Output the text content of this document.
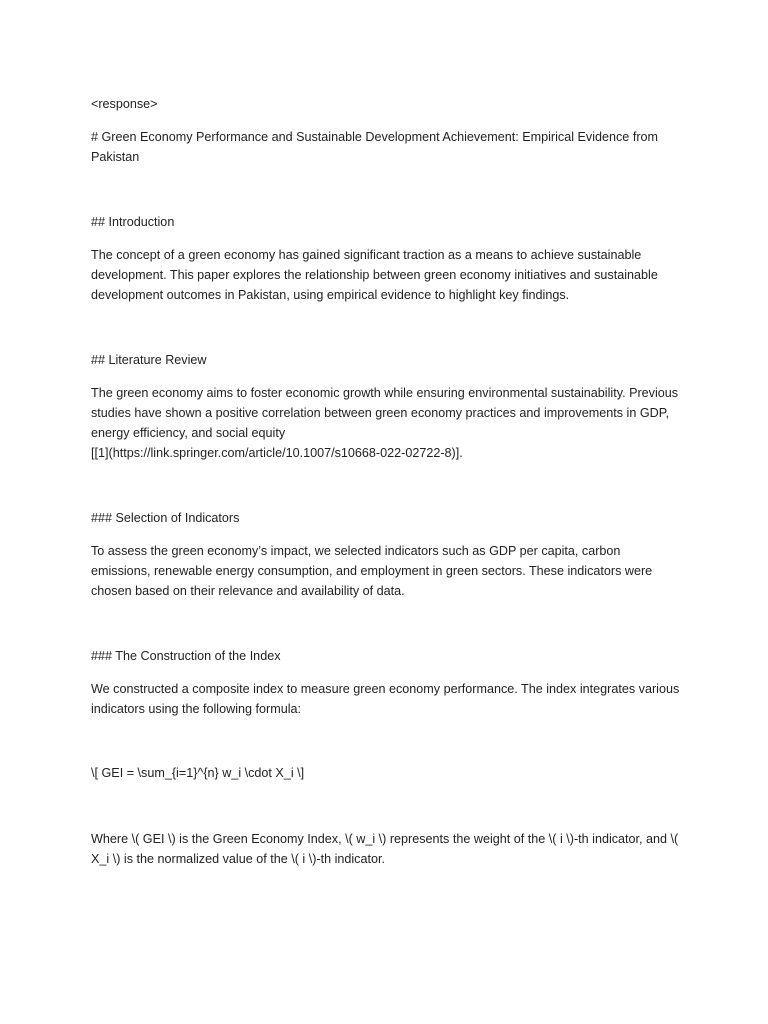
<response>

# Green Economy Performance and Sustainable Development Achievement: Empirical Evidence from Pakistan

## Introduction

The concept of a green economy has gained significant traction as a means to achieve sustainable development. This paper explores the relationship between green economy initiatives and sustainable development outcomes in Pakistan, using empirical evidence to highlight key findings.

## Literature Review

The green economy aims to foster economic growth while ensuring environmental sustainability. Previous studies have shown a positive correlation between green economy practices and improvements in GDP, energy efficiency, and social equity
[[1](https://link.springer.com/article/10.1007/s10668-022-02722-8)].

### Selection of Indicators

To assess the green economy’s impact, we selected indicators such as GDP per capita, carbon emissions, renewable energy consumption, and employment in green sectors. These indicators were chosen based on their relevance and availability of data.

### The Construction of the Index

We constructed a composite index to measure green economy performance. The index integrates various indicators using the following formula:

\[ GEI = \sum_{i=1}^{n} w_i \cdot X_i \]

Where \( GEI \) is the Green Economy Index, \( w_i \) represents the weight of the \( i \)-th indicator, and \( X_i \) is the normalized value of the \( i \)-th indicator.
